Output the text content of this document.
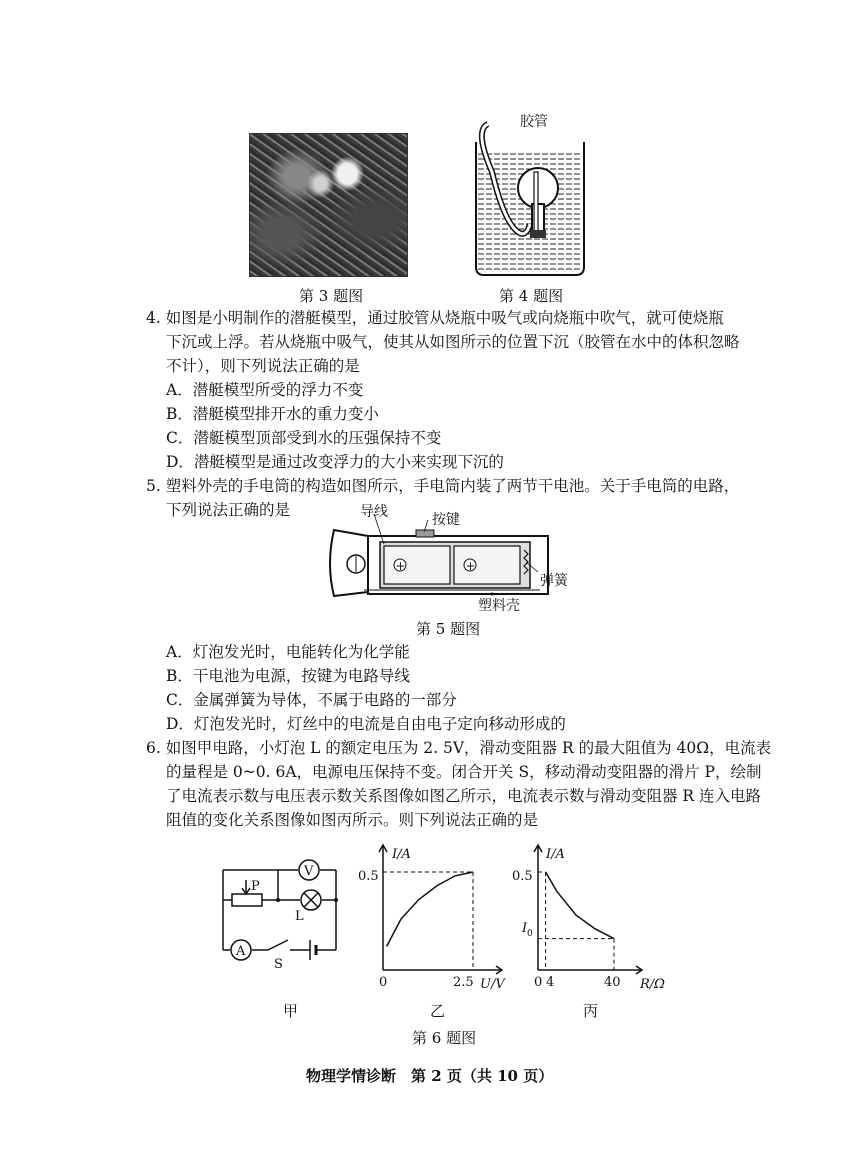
第 3 题图
胶管
第 4 题图
4. 如图是小明制作的潜艇模型，通过胶管从烧瓶中吸气或向烧瓶中吹气，就可使烧瓶
下沉或上浮。若从烧瓶中吸气，使其从如图所示的位置下沉（胶管在水中的体积忽略
不计），则下列说法正确的是
A．潜艇模型所受的浮力不变
B．潜艇模型排开水的重力变小
C．潜艇模型顶部受到水的压强保持不变
D．潜艇模型是通过改变浮力的大小来实现下沉的
5. 塑料外壳的手电筒的构造如图所示，手电筒内装了两节干电池。关于手电筒的电路，
下列说法正确的是
+	+
导线	按键
弹簧
塑料壳
第 5 题图
A．灯泡发光时，电能转化为化学能
B．干电池为电源，按键为电路导线
C．金属弹簧为导体，不属于电路的一部分
D．灯泡发光时，灯丝中的电流是自由电子定向移动形成的
6. 如图甲电路，小灯泡 L 的额定电压为 2. 5V，滑动变阻器 R 的最大阻值为 40Ω，电流表
的量程是 0~0. 6A，电源电压保持不变。闭合开关 S，移动滑动变阻器的滑片 P，绘制
了电流表示数与电压表示数关系图像如图乙所示，电流表示数与滑动变阻器 R 连入电路
阻值的变化关系图像如图丙所示。则下列说法正确的是
V
A
P
L
S
甲
I/A
0.5
0	2.5 U/V
乙
I/A
0.5
I 0
0 4	40 R/Ω
丙
第 6 题图
物理学情诊断　第 2 页（共 10 页）
